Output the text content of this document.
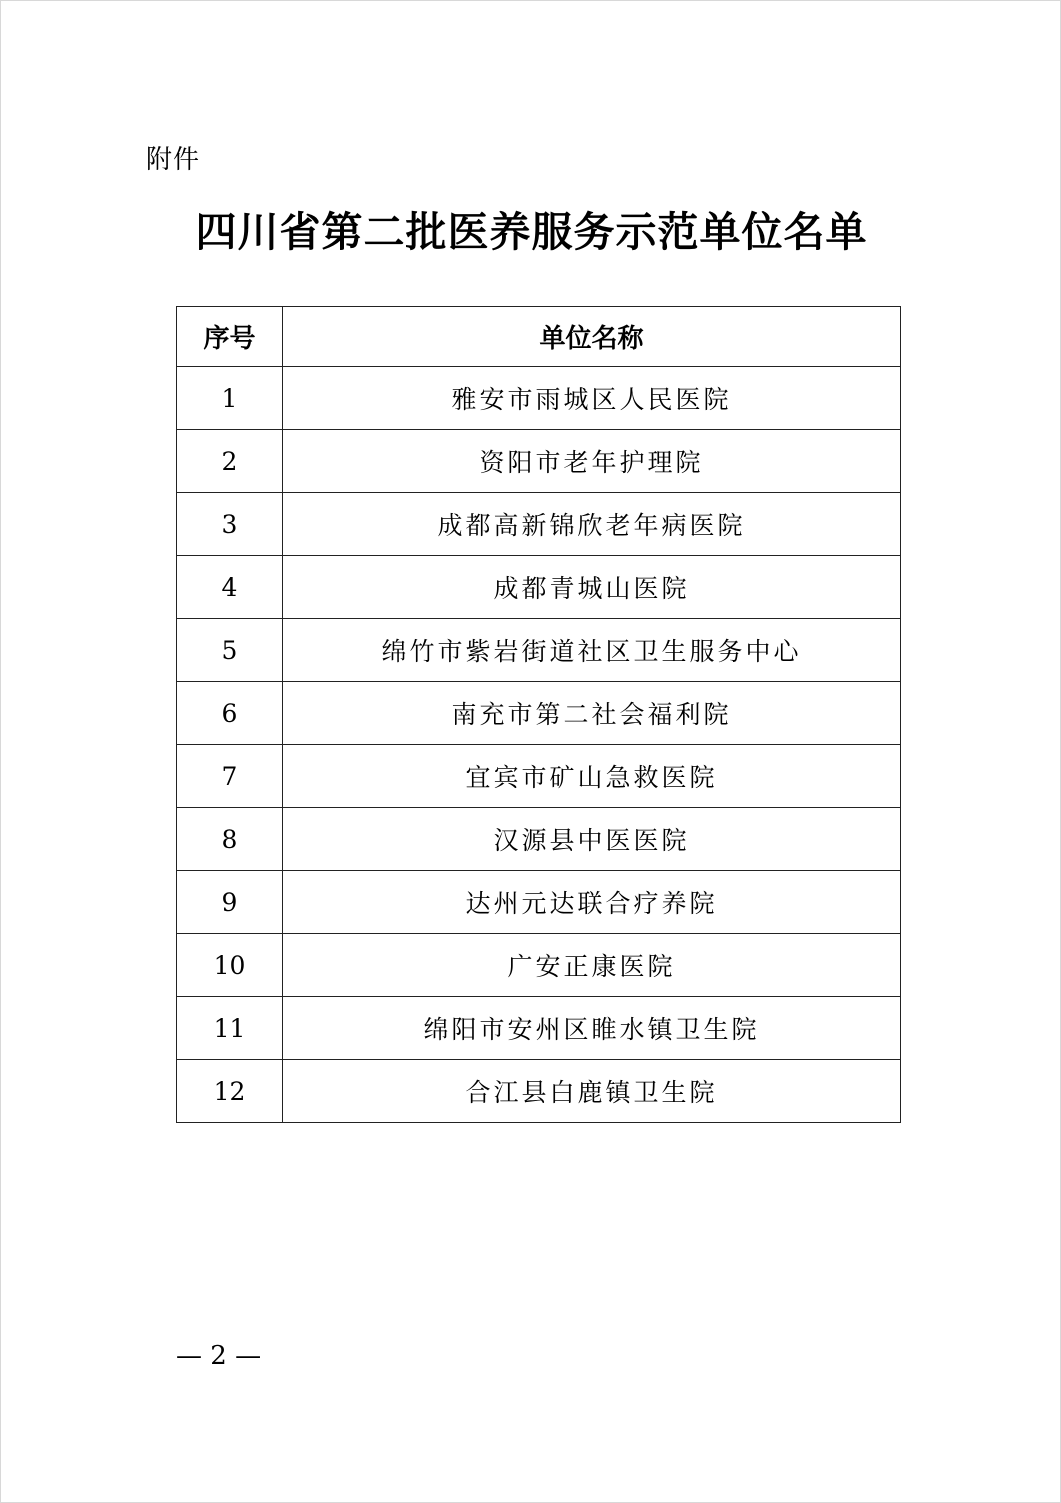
附件
四川省第二批医养服务示范单位名单
序号	单位名称
1	雅安市雨城区人民医院
2	资阳市老年护理院
3	成都高新锦欣老年病医院
4	成都青城山医院
5	绵竹市紫岩街道社区卫生服务中心
6	南充市第二社会福利院
7	宜宾市矿山急救医院
8	汉源县中医医院
9	达州元达联合疗养院
10	广安正康医院
11	绵阳市安州区睢水镇卫生院
12	合江县白鹿镇卫生院
— 2 —
